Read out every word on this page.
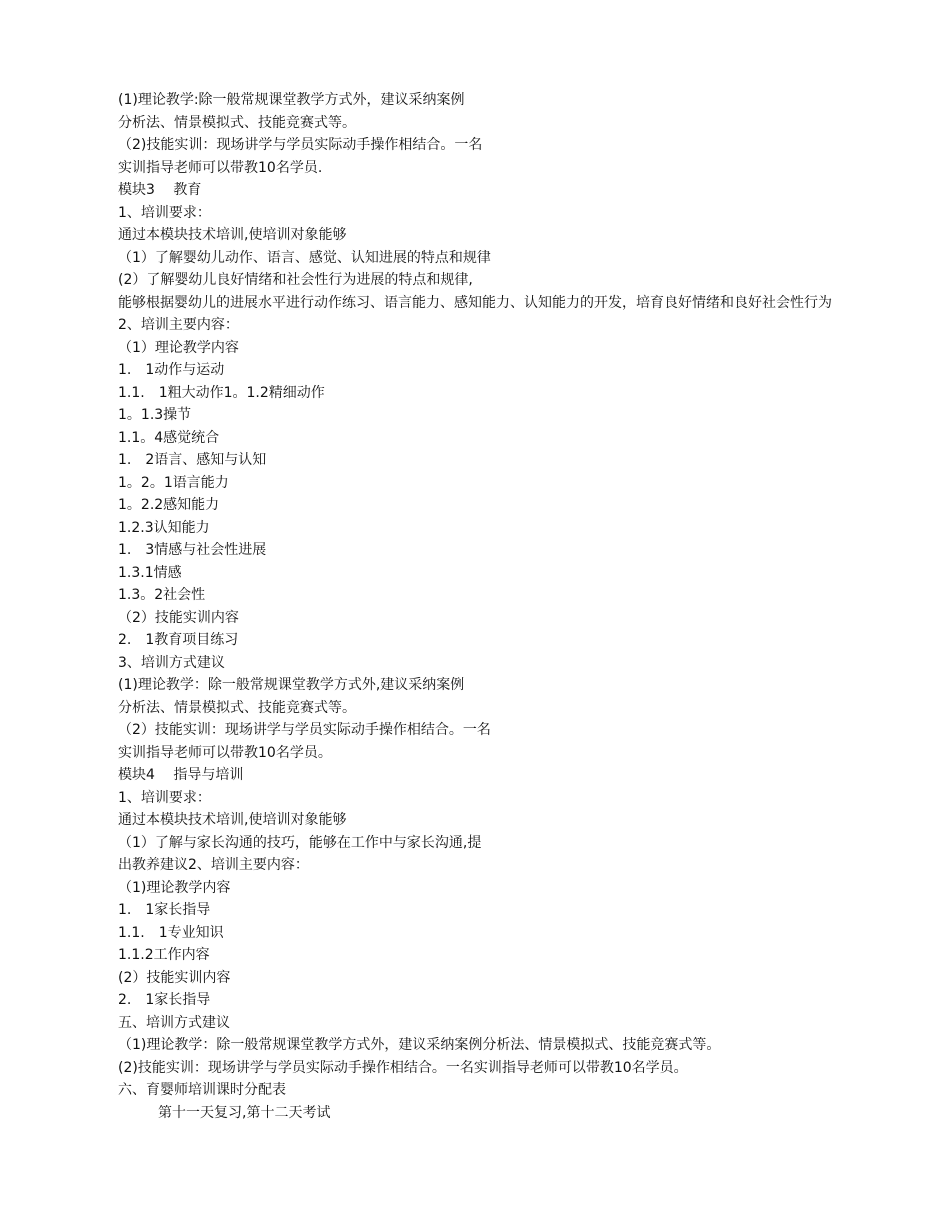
(1)理论教学:除一般常规课堂教学方式外，建议采纳案例
分析法、情景模拟式、技能竞赛式等。
（2)技能实训：现场讲学与学员实际动手操作相结合。一名
实训指导老师可以带教10名学员.
模块3　 教育
1、培训要求：
通过本模块技术培训,使培训对象能够
（1）了解婴幼儿动作、语言、感觉、认知进展的特点和规律
(2）了解婴幼儿良好情绪和社会性行为进展的特点和规律,
能够根据婴幼儿的进展水平进行动作练习、语言能力、感知能力、认知能力的开发，培育良好情绪和良好社会性行为
2、培训主要内容：
（1）理论教学内容
1.　1动作与运动
1.1.　1粗大动作1。1.2精细动作
1。1.3操节
1.1。4感觉统合
1.　2语言、感知与认知
1。2。1语言能力
1。2.2感知能力
1.2.3认知能力
1.　3情感与社会性进展
1.3.1情感
1.3。2社会性
（2）技能实训内容
2.　1教育项目练习
3、培训方式建议
(1)理论教学：除一般常规课堂教学方式外,建议采纳案例
分析法、情景模拟式、技能竞赛式等。
（2）技能实训：现场讲学与学员实际动手操作相结合。一名
实训指导老师可以带教10名学员。
模块4　 指导与培训
1、培训要求：
通过本模块技术培训,使培训对象能够
（1）了解与家长沟通的技巧，能够在工作中与家长沟通,提
出教养建议2、培训主要内容：
（1)理论教学内容
1.　1家长指导
1.1.　1专业知识
1.1.2工作内容
(2）技能实训内容
2.　1家长指导
五、培训方式建议
（1)理论教学：除一般常规课堂教学方式外，建议采纳案例分析法、情景模拟式、技能竞赛式等。
(2)技能实训：现场讲学与学员实际动手操作相结合。一名实训指导老师可以带教10名学员。
六、育婴师培训课时分配表
第十一天复习,第十二天考试
